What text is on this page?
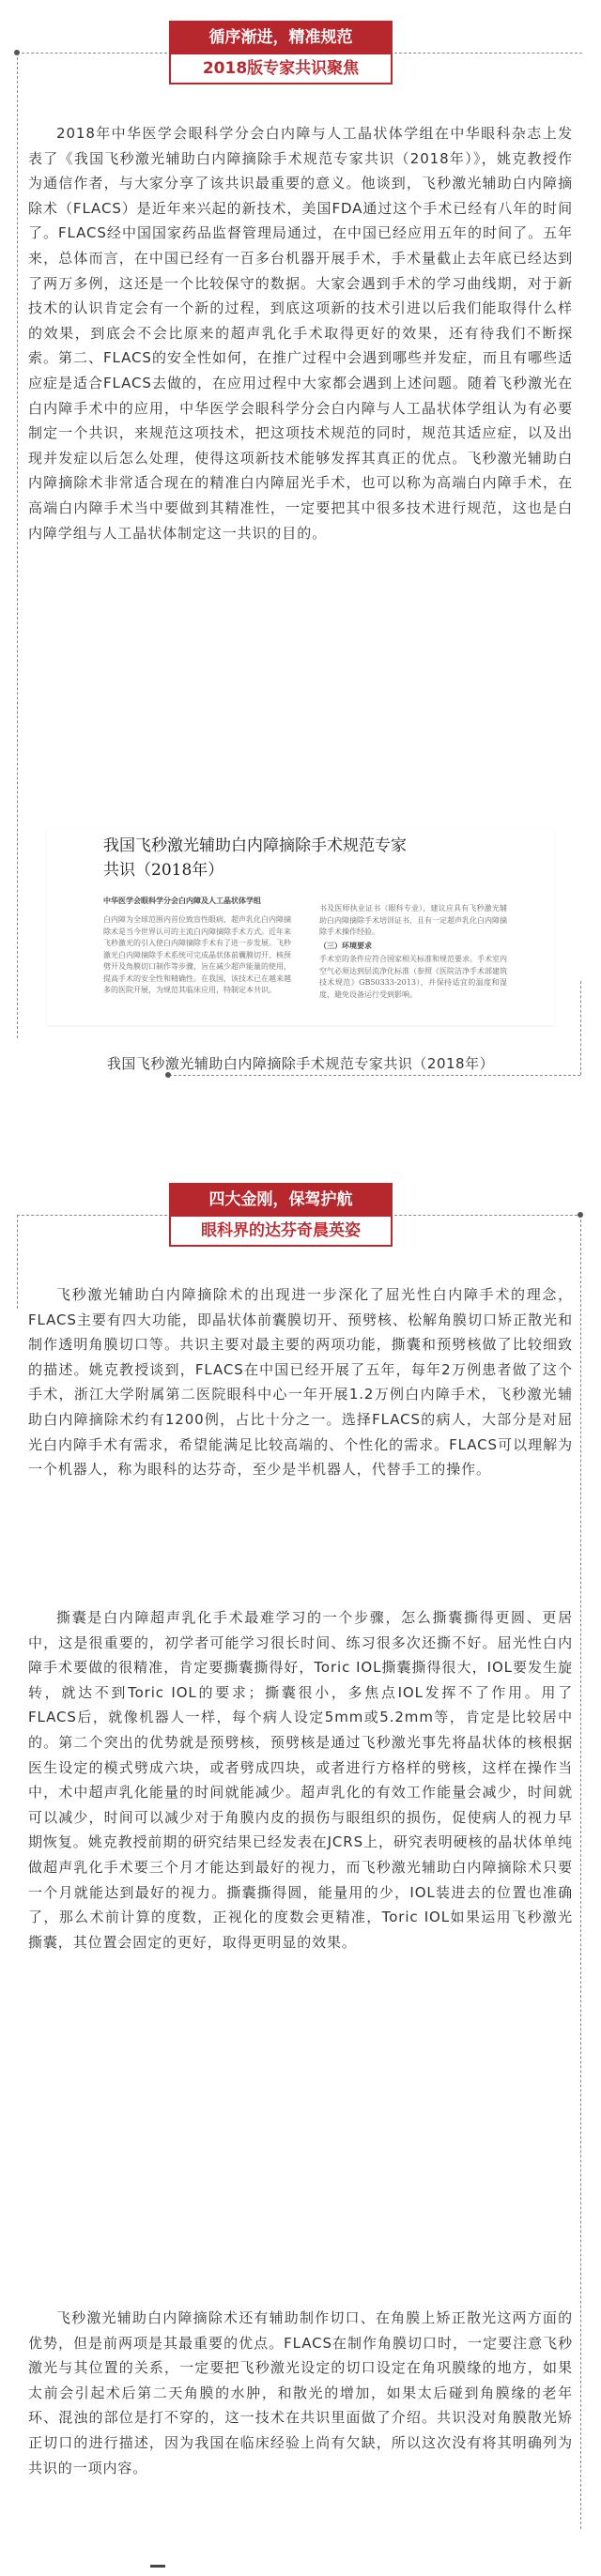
循序渐进，精准规范
2018版专家共识聚焦

2018年中华医学会眼科学分会白内障与人工晶状体学组在中华眼科杂志上发表了《我国飞秒激光辅助白内障摘除手术规范专家共识（2018年）》，姚克教授作为通信作者，与大家分享了该共识最重要的意义。他谈到，飞秒激光辅助白内障摘除术（FLACS）是近年来兴起的新技术，美国FDA通过这个手术已经有八年的时间了。FLACS经中国国家药品监督管理局通过，在中国已经应用五年的时间了。五年来，总体而言，在中国已经有一百多台机器开展手术，手术量截止去年底已经达到了两万多例，这还是一个比较保守的数据。大家会遇到手术的学习曲线期，对于新技术的认识肯定会有一个新的过程，到底这项新的技术引进以后我们能取得什么样的效果，到底会不会比原来的超声乳化手术取得更好的效果，还有待我们不断探索。第二、FLACS的安全性如何，在推广过程中会遇到哪些并发症，而且有哪些适应症是适合FLACS去做的，在应用过程中大家都会遇到上述问题。随着飞秒激光在白内障手术中的应用，中华医学会眼科学分会白内障与人工晶状体学组认为有必要制定一个共识，来规范这项技术，把这项技术规范的同时，规范其适应症，以及出现并发症以后怎么处理，使得这项新技术能够发挥其真正的优点。飞秒激光辅助白内障摘除术非常适合现在的精准白内障屈光手术，也可以称为高端白内障手术，在高端白内障手术当中要做到其精准性，一定要把其中很多技术进行规范，这也是白内障学组与人工晶状体制定这一共识的目的。

我国飞秒激光辅助白内障摘除手术规范专家共识（2018年）
中华医学会眼科学分会白内障及人工晶状体学组
白内障为全球范围内首位致盲性眼病，超声乳化白内障摘除术是当今世界认可的主流白内障摘除手术方式。近年来飞秒激光的引入使白内障摘除手术有了进一步发展。飞秒激光白内障摘除手术系统可完成晶状体前囊膜切开、核预劈开及角膜切口制作等步骤，旨在减少超声能量的使用，提高手术的安全性和精确性。在我国，该技术已在越来越多的医院开展，为规范其临床应用，特制定本共识。
书及医师执业证书（眼科专业），建议应具有飞秒激光辅助白内障摘除手术培训证书，且有一定超声乳化白内障摘除手术操作经验。
（三）环境要求
手术室的条件应符合国家相关标准和规范要求。手术室内空气必须达到层流净化标准（参照《医院洁净手术部建筑技术规范》GB50333-2013），并保持适宜的温度和湿度，避免设备运行受到影响。
我国飞秒激光辅助白内障摘除手术规范专家共识（2018年）
四大金刚，保驾护航
眼科界的达芬奇晨英姿

飞秒激光辅助白内障摘除术的出现进一步深化了屈光性白内障手术的理念，FLACS主要有四大功能，即晶状体前囊膜切开、预劈核、松解角膜切口矫正散光和制作透明角膜切口等。共识主要对最主要的两项功能，撕囊和预劈核做了比较细致的描述。姚克教授谈到，FLACS在中国已经开展了五年，每年2万例患者做了这个手术，浙江大学附属第二医院眼科中心一年开展1.2万例白内障手术，飞秒激光辅助白内障摘除术约有1200例，占比十分之一。选择FLACS的病人，大部分是对屈光白内障手术有需求，希望能满足比较高端的、个性化的需求。FLACS可以理解为一个机器人，称为眼科的达芬奇，至少是半机器人，代替手工的操作。

撕囊是白内障超声乳化手术最难学习的一个步骤，怎么撕囊撕得更圆、更居中，这是很重要的，初学者可能学习很长时间、练习很多次还撕不好。屈光性白内障手术要做的很精准，肯定要撕囊撕得好，Toric IOL撕囊撕得很大，IOL要发生旋转，就达不到Toric IOL的要求；撕囊很小，多焦点IOL发挥不了作用。用了FLACS后，就像机器人一样，每个病人设定5mm或5.2mm等，肯定是比较居中的。第二个突出的优势就是预劈核，预劈核是通过飞秒激光事先将晶状体的核根据医生设定的模式劈成六块，或者劈成四块，或者进行方格样的劈核，这样在操作当中，术中超声乳化能量的时间就能减少。超声乳化的有效工作能量会减少，时间就可以减少，时间可以减少对于角膜内皮的损伤与眼组织的损伤，促使病人的视力早期恢复。姚克教授前期的研究结果已经发表在JCRS上，研究表明硬核的晶状体单纯做超声乳化手术要三个月才能达到最好的视力，而飞秒激光辅助白内障摘除术只要一个月就能达到最好的视力。撕囊撕得圆，能量用的少，IOL装进去的位置也准确了，那么术前计算的度数，正视化的度数会更精准，Toric IOL如果运用飞秒激光撕囊，其位置会固定的更好，取得更明显的效果。

飞秒激光辅助白内障摘除术还有辅助制作切口、在角膜上矫正散光这两方面的优势，但是前两项是其最重要的优点。FLACS在制作角膜切口时，一定要注意飞秒激光与其位置的关系，一定要把飞秒激光设定的切口设定在角巩膜缘的地方，如果太前会引起术后第二天角膜的水肿，和散光的增加，如果太后碰到角膜缘的老年环、混浊的部位是打不穿的，这一技术在共识里面做了介绍。共识没对角膜散光矫正切口的进行描述，因为我国在临床经验上尚有欠缺，所以这次没有将其明确列为共识的一项内容。
